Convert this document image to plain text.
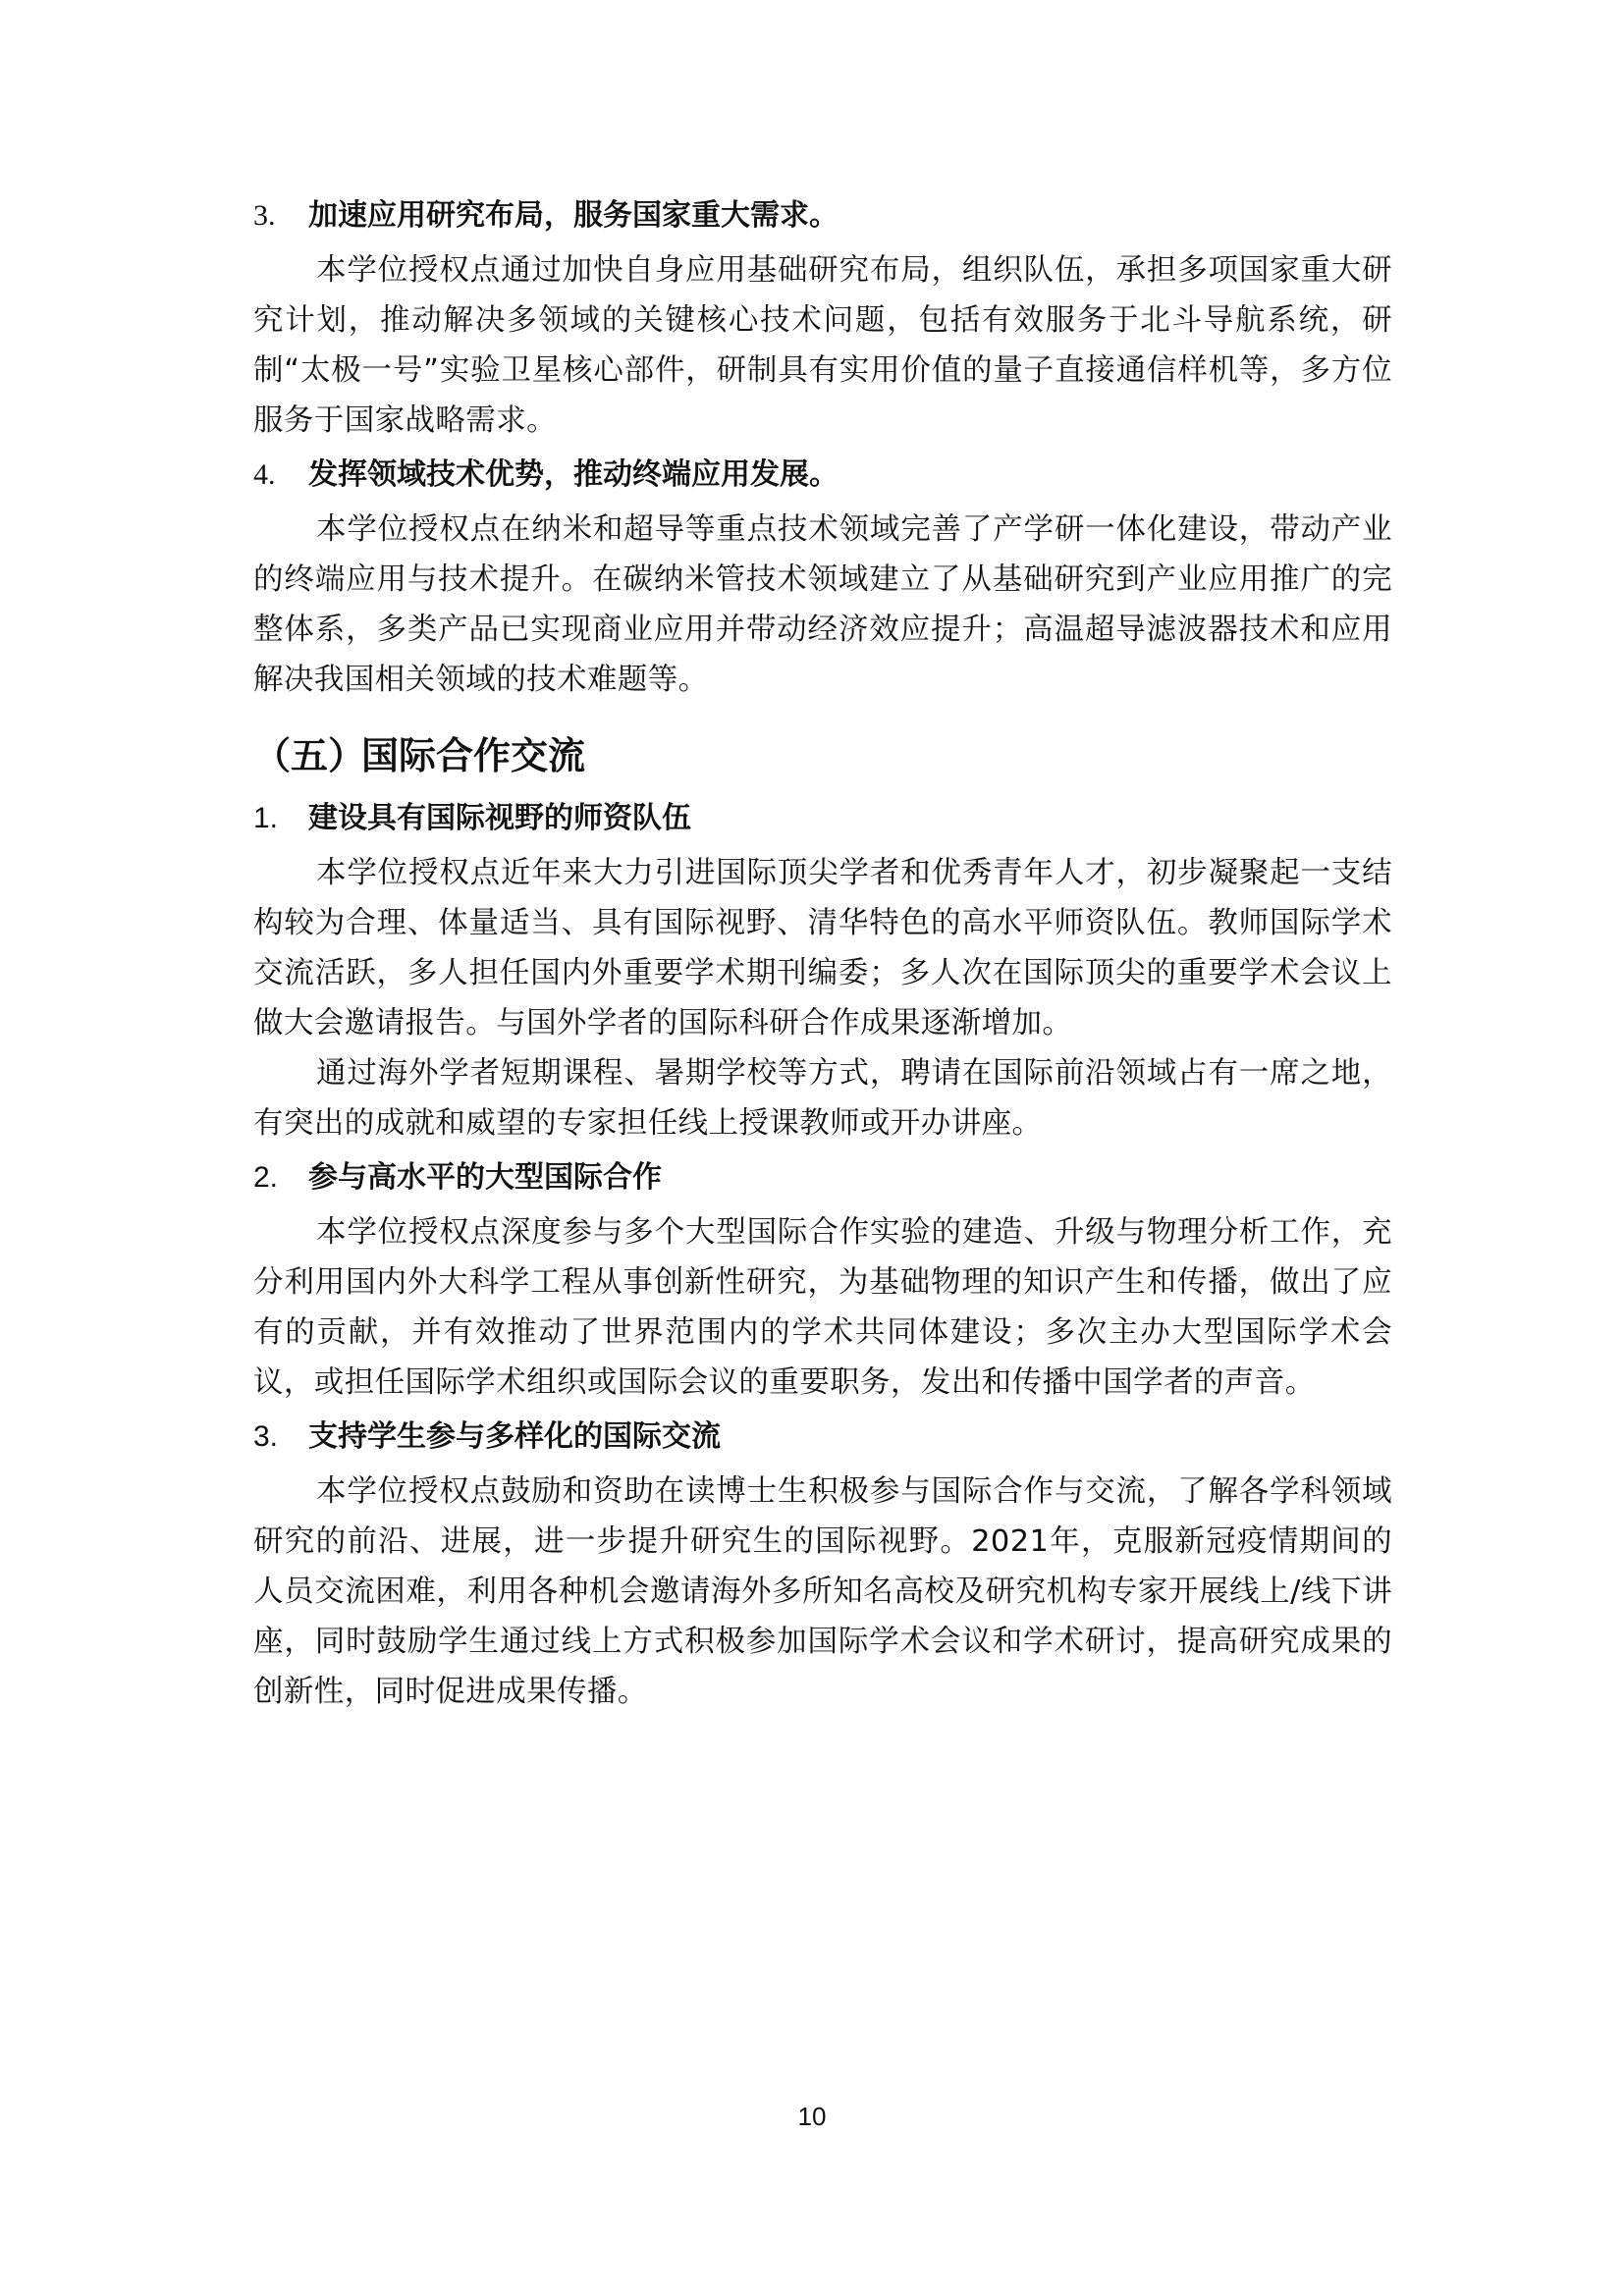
3. 加速应用研究布局，服务国家重大需求。

本学位授权点通过加快自身应用基础研究布局，组织队伍，承担多项国家重大研究计划，推动解决多领域的关键核心技术问题，包括有效服务于北斗导航系统，研制“太极一号”实验卫星核心部件，研制具有实用价值的量子直接通信样机等，多方位服务于国家战略需求。

4. 发挥领域技术优势，推动终端应用发展。

本学位授权点在纳米和超导等重点技术领域完善了产学研一体化建设，带动产业的终端应用与技术提升。在碳纳米管技术领域建立了从基础研究到产业应用推广的完整体系，多类产品已实现商业应用并带动经济效应提升；高温超导滤波器技术和应用解决我国相关领域的技术难题等。

（五）国际合作交流
1. 建设具有国际视野的师资队伍

本学位授权点近年来大力引进国际顶尖学者和优秀青年人才，初步凝聚起一支结构较为合理、体量适当、具有国际视野、清华特色的高水平师资队伍。教师国际学术交流活跃，多人担任国内外重要学术期刊编委；多人次在国际顶尖的重要学术会议上做大会邀请报告。与国外学者的国际科研合作成果逐渐增加。

通过海外学者短期课程、暑期学校等方式，聘请在国际前沿领域占有一席之地，有突出的成就和威望的专家担任线上授课教师或开办讲座。

2. 参与高水平的大型国际合作

本学位授权点深度参与多个大型国际合作实验的建造、升级与物理分析工作，充分利用国内外大科学工程从事创新性研究，为基础物理的知识产生和传播，做出了应有的贡献，并有效推动了世界范围内的学术共同体建设；多次主办大型国际学术会议，或担任国际学术组织或国际会议的重要职务，发出和传播中国学者的声音。

3. 支持学生参与多样化的国际交流

本学位授权点鼓励和资助在读博士生积极参与国际合作与交流，了解各学科领域研究的前沿、进展，进一步提升研究生的国际视野。2021年，克服新冠疫情期间的人员交流困难，利用各种机会邀请海外多所知名高校及研究机构专家开展线上/线下讲座，同时鼓励学生通过线上方式积极参加国际学术会议和学术研讨，提高研究成果的创新性，同时促进成果传播。

10
